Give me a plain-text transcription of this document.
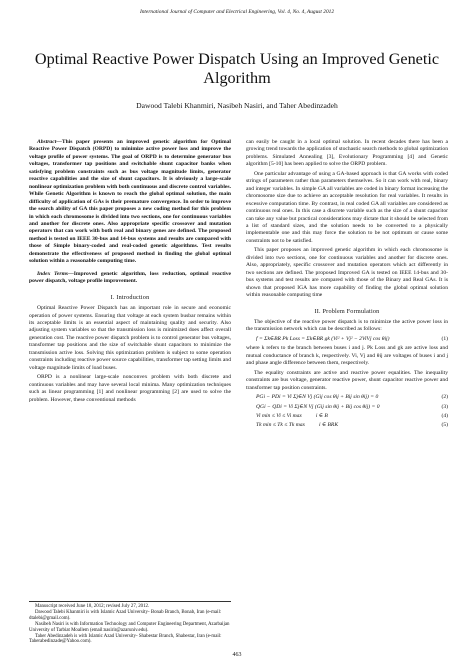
International Journal of Computer and Electrical Engineering, Vol. 4, No. 4, August 2012
Optimal Reactive Power Dispatch Using an Improved Genetic Algorithm
Dawood Talebi Khanmiri, Nasibeh Nasiri, and Taher Abedinzadeh

Abstract—This paper presents an improved genetic algorithm for Optimal Reactive Power Dispatch (ORPD) to minimize active power loss and improve the voltage profile of power systems. The goal of ORPD is to determine generator bus voltages, transformer tap positions and switchable shunt capacitor banks when satisfying problem constraints such as bus voltage magnitude limits, generator reactive capabilities and the size of shunt capacitors. It is obviously a large-scale nonlinear optimization problem with both continuous and discrete control variables. While Genetic Algorithm is known to reach the global optimal solution, the main difficulty of application of GAs is their premature convergence. In order to improve the search ability of GA this paper proposes a new coding method for this problem in which each chromosome is divided into two sections, one for continuous variables and another for discrete ones. Also appropriate specific crossover and mutation operators that can work with both real and binary genes are defined. The proposed method is tested on IEEE 30-bus and 14-bus systems and results are compared with those of Simple binary-coded and real-coded genetic algorithms. Test results demonstrate the effectiveness of proposed method in finding the global optimal solution within a reasonable computing time.

Index Terms—Improved genetic algorithm, loss reduction, optimal reactive power dispatch, voltage profile improvement.

I. Introduction

Optimal Reactive Power Dispatch has an important role in secure and economic operation of power systems. Ensuring that voltage at each system busbar remains within its acceptable limits is an essential aspect of maintaining quality and security. Also adjusting system variables so that the transmission loss is minimized does affect overall generation cost. The reactive power dispatch problem is to control generator bus voltages, transformer tap positions and the size of switchable shunt capacitors to minimize the transmission active loss. Solving this optimization problem is subject to some operation constraints including reactive power source capabilities, transformer tap setting limits and voltage magnitude limits of load buses.

ORPD is a nonlinear large-scale nonconvex problem with both discrete and continuous variables and may have several local minima. Many optimization techniques such as linear programming [1] and nonlinear programming [2] are used to solve the problem. However, these conventional methods

Manuscript received June 18, 2012; revised July 27, 2012.

Dawood Talebi Khanmiri is with Islamic Azad University- Bonab Branch, Bonab, Iran (e-mail: dtalebi@gmail.com).

Nasibeh Nasiri is with Information Technology and Computer Engineering Department, Azarbaijan University of Tarbiat Moallem (email:nasirir@azaruniv.edu).

Taher Abedinzadeh is with Islamic Azad University- Shabestar Branch, Shabestar, Iran (e-mail: Taherabedinzade@Yahoo.com).

can easily be caught in a local optimal solution. In recent decades there has been a growing trend towards the application of stochastic search methods to global optimization problems. Simulated Annealing [3], Evolutionary Programming [4] and Genetic algorithm [5-10] has been applied to solve the ORPD problem.

One particular advantage of using a GA-based approach is that GA works with coded strings of parameters rather than parameters themselves. So it can work with real, binary and integer variables. In simple GA all variables are coded in binary format increasing the chromosome size due to achieve an acceptable resolution for real variables. It results in excessive computation time. By contrast, in real coded GA all variables are considered as continuous real ones. In this case a discrete variable such as the size of a shunt capacitor can take any value but practical considerations may dictate that it should be selected from a list of standard sizes, and the solution needs to be converted to a physically implementable one and this may force the solution to be not optimum or cause some constraints not to be satisfied.

This paper proposes an improved genetic algorithm in which each chromosome is divided into two sections, one for continuous variables and another for discrete ones. Also, appropriately, specific crossover and mutation operators which act differently in two sections are defined. The proposed Improved GA is tested on IEEE 14-bus and 30-bus systems and test results are compared with those of the Binary and Real GAs. It is shown that proposed IGA has more capability of finding the global optimal solution within reasonable computing time

II. Problem Formulation

The objective of the reactive power dispatch is to minimize the active power loss in the transmission network which can be described as follows:

f = Σk∈BR Pk Loss = Σk∈BR gk (Vi² + Vj² − 2ViVj cos θij)	(1)

where k refers to the branch between buses i and j. Pk Loss and gk are active loss and mutual conductance of branch k, respectively. Vi, Vj and θij are voltages of buses i and j and phase angle difference between them, respectively.

The equality constraints are active and reactive power equalities. The inequality constraints are bus voltage, generator reactive power, shunt capacitor reactive power and transformer tap position constraints.

PGi − PDi = Vi Σj∈N Vj (Gij cos θij + Bij sin θij) = 0	(2)
QGi − QDi = Vi Σj∈N Vj (Gij sin θij + Bij cos θij) = 0	(3)
Vi min ≤ Vi ≤ Vi max          i ∈ B	(4)
Tk min ≤ Tk ≤ Tk max          i ∈ BRK	(5)
463
